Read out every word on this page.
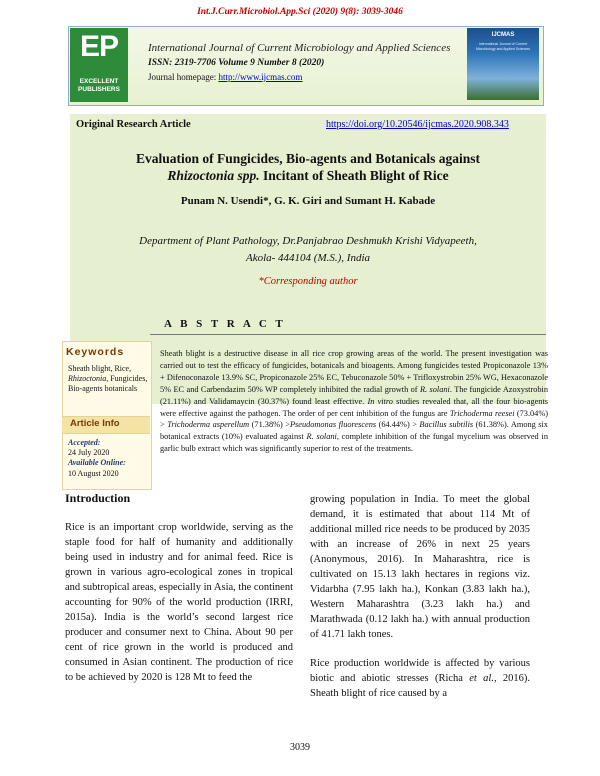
Int.J.Curr.Microbiol.App.Sci (2020) 9(8): 3039-3046
EP
EXCELLENT PUBLISHERS
International Journal of Current Microbiology and Applied Sciences
ISSN: 2319-7706 Volume 9 Number 8 (2020)
Journal homepage: http://www.ijcmas.com
IJCMAS
International Journal of Current Microbiology and Applied Sciences
Original Research Article	https://doi.org/10.20546/ijcmas.2020.908.343
Evaluation of Fungicides, Bio-agents and Botanicals against
Rhizoctonia spp. Incitant of Sheath Blight of Rice
Punam N. Usendi*, G. K. Giri and Sumant H. Kabade
Department of Plant Pathology, Dr.Panjabrao Deshmukh Krishi Vidyapeeth,
Akola- 444104 (M.S.), India
*Corresponding author
A B S T R A C T
Keywords
Sheath blight, Rice, Rhizoctonia, Fungicides, Bio-agents botanicals
Article Info
Accepted:
24 July 2020
Available Online:
10 August 2020
Sheath blight is a destructive disease in all rice crop growing areas of the world. The present investigation was carried out to test the efficacy of fungicides, botanicals and bioagents. Among fungicides tested Propiconazole 13% + Difenoconazole 13.9% SC, Propiconazole 25% EC, Tebuconazole 50% + Trifloxystrobin 25% WG, Hexaconazole 5% EC and Carbendazim 50% WP completely inhibited the radial growth of R. solani. The fungicide Azoxystrobin (21.11%) and Validamaycin (30.37%) found least effective. In vitro studies revealed that, all the four bio-agents were effective against the pathogen. The order of per cent inhibition of the fungus are Trichoderma reesei (73.04%) > Trichoderma asperellum (71.38%) >Pseudomonas fluorescens (64.44%) > Bacillus subtilis (61.38%). Among six botanical extracts (10%) evaluated against R. solani, complete inhibition of the fungal mycelium was observed in garlic bulb extract which was significantly superior to rest of the treatments.
Introduction

Rice is an important crop worldwide, serving as the staple food for half of humanity and additionally being used in industry and for animal feed. Rice is grown in various agro-ecological zones in tropical and subtropical areas, especially in Asia, the continent accounting for 90% of the world production (IRRI, 2015a). India is the world’s second largest rice producer and consumer next to China. About 90 per cent of rice grown in the world is produced and consumed in Asian continent. The production of rice to be achieved by 2020 is 128 Mt to feed the

growing population in India. To meet the global demand, it is estimated that about 114 Mt of additional milled rice needs to be produced by 2035 with an increase of 26% in next 25 years (Anonymous, 2016). In Maharashtra, rice is cultivated on 15.13 lakh hectares in regions viz. Vidarbha (7.95 lakh ha.), Konkan (3.83 lakh ha.), Western Maharashtra (3.23 lakh ha.) and Marathwada (0.12 lakh ha.) with annual production of 41.71 lakh tones.

Rice production worldwide is affected by various biotic and abiotic stresses (Richa et al., 2016). Sheath blight of rice caused by a

3039
